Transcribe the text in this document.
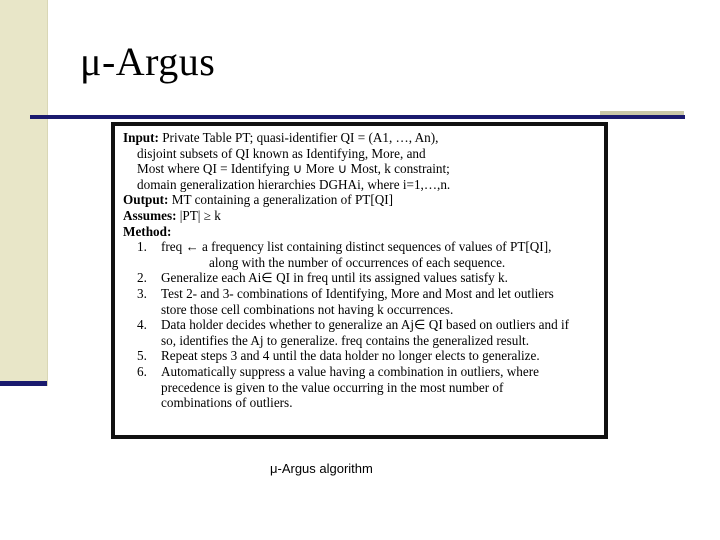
μ-Argus
Input: Private Table PT; quasi-identifier QI = (A1, …, An),
disjoint subsets of QI known as Identifying, More, and
Most where QI = Identifying ∪ More ∪ Most, k constraint;
domain generalization hierarchies DGHAi, where i=1,…,n.
Output: MT containing a generalization of PT[QI]
Assumes: |PT| ≥ k
Method:
1.	freq ← a frequency list containing distinct sequences of values of PT[QI],
along with the number of occurrences of each sequence.
2.	Generalize each Ai∈ QI in freq until its assigned values satisfy k.
3.	Test 2- and 3- combinations of Identifying, More and Most and let outliers
store those cell combinations not having k occurrences.
4.	Data holder decides whether to generalize an Aj∈ QI based on outliers and if
so, identifies the Aj to generalize. freq contains the generalized result.
5.	Repeat steps 3 and 4 until the data holder no longer elects to generalize.
6.	Automatically suppress a value having a combination in outliers, where
precedence is given to the value occurring in the most number of
combinations of outliers.
μ-Argus algorithm
